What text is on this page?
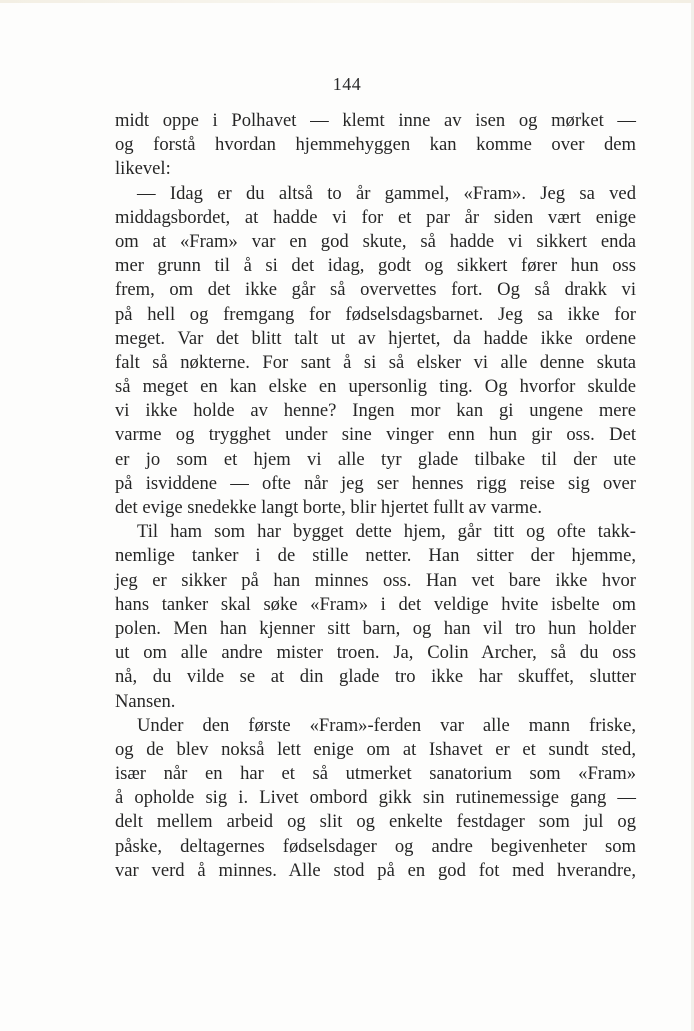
144
midt oppe i Polhavet — klemt inne av isen og mørket —
og forstå hvordan hjemmehyggen kan komme over dem
likevel:
— Idag er du altså to år gammel, «Fram». Jeg sa ved
middagsbordet, at hadde vi for et par år siden vært enige
om at «Fram» var en god skute, så hadde vi sikkert enda
mer grunn til å si det idag, godt og sikkert fører hun oss
frem, om det ikke går så overvettes fort. Og så drakk vi
på hell og fremgang for fødselsdagsbarnet. Jeg sa ikke for
meget. Var det blitt talt ut av hjertet, da hadde ikke ordene
falt så nøkterne. For sant å si så elsker vi alle denne skuta
så meget en kan elske en upersonlig ting. Og hvorfor skulde
vi ikke holde av henne? Ingen mor kan gi ungene mere
varme og trygghet under sine vinger enn hun gir oss. Det
er jo som et hjem vi alle tyr glade tilbake til der ute
på isviddene — ofte når jeg ser hennes rigg reise sig over
det evige snedekke langt borte, blir hjertet fullt av varme.
Til ham som har bygget dette hjem, går titt og ofte takk-
nemlige tanker i de stille netter. Han sitter der hjemme,
jeg er sikker på han minnes oss. Han vet bare ikke hvor
hans tanker skal søke «Fram» i det veldige hvite isbelte om
polen. Men han kjenner sitt barn, og han vil tro hun holder
ut om alle andre mister troen. Ja, Colin Archer, så du oss
nå, du vilde se at din glade tro ikke har skuffet, slutter
Nansen.
Under den første «Fram»-ferden var alle mann friske,
og de blev nokså lett enige om at Ishavet er et sundt sted,
især når en har et så utmerket sanatorium som «Fram»
å opholde sig i. Livet ombord gikk sin rutinemessige gang —
delt mellem arbeid og slit og enkelte festdager som jul og
påske, deltagernes fødselsdager og andre begivenheter som
var verd å minnes. Alle stod på en god fot med hverandre,
